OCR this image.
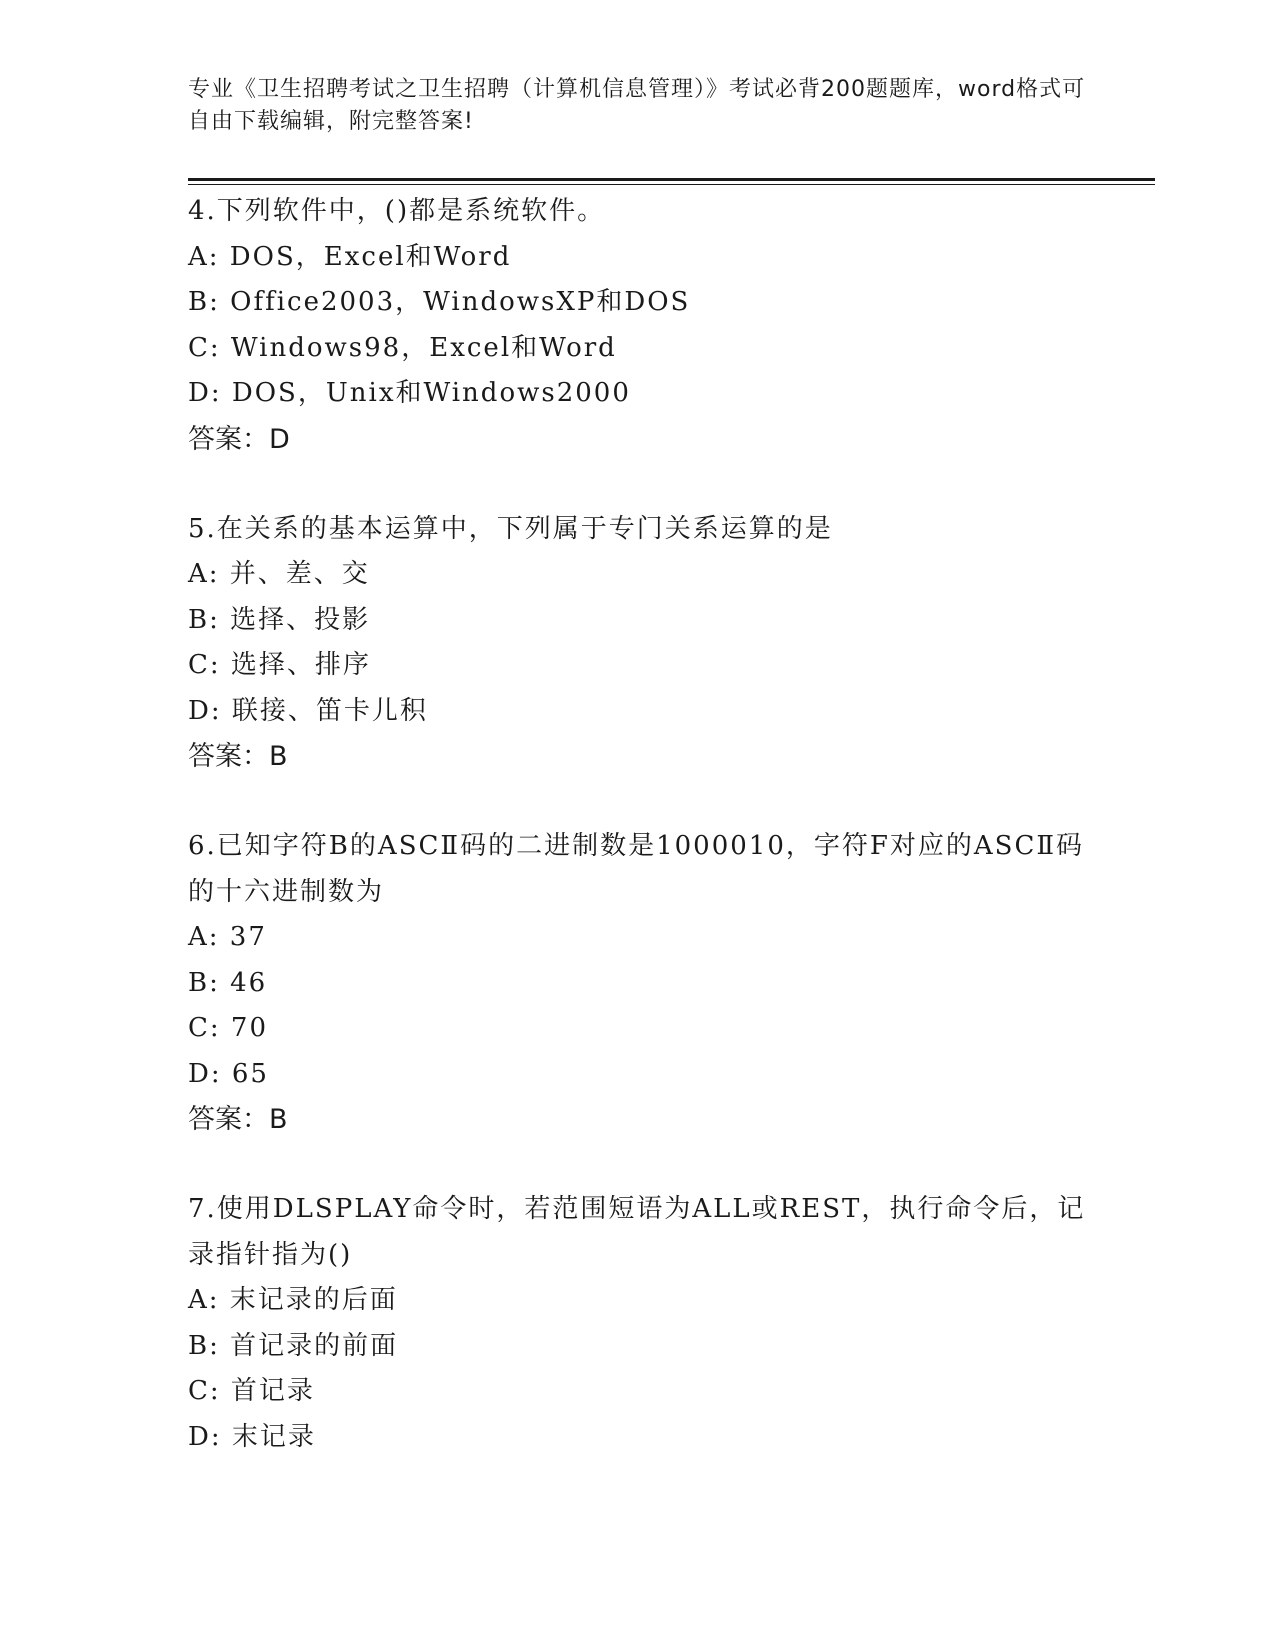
专业《卫生招聘考试之卫生招聘（计算机信息管理）》考试必背200题题库，word格式可自由下载编辑，附完整答案!

4.下列软件中，()都是系统软件。

A: DOS，Excel和Word

B: Office2003，WindowsXP和DOS

C: Windows98，Excel和Word

D: DOS，Unix和Windows2000

答案：D

5.在关系的基本运算中，下列属于专门关系运算的是

A: 并、差、交

B: 选择、投影

C: 选择、排序

D: 联接、笛卡儿积

答案：B

6.已知字符B的ASCⅡ码的二进制数是1000010，字符F对应的ASCⅡ码的十六进制数为

A: 37

B: 46

C: 70

D: 65

答案：B

7.使用DLSPLAY命令时，若范围短语为ALL或REST，执行命令后，记录指针指为()

A: 末记录的后面

B: 首记录的前面

C: 首记录

D: 末记录
